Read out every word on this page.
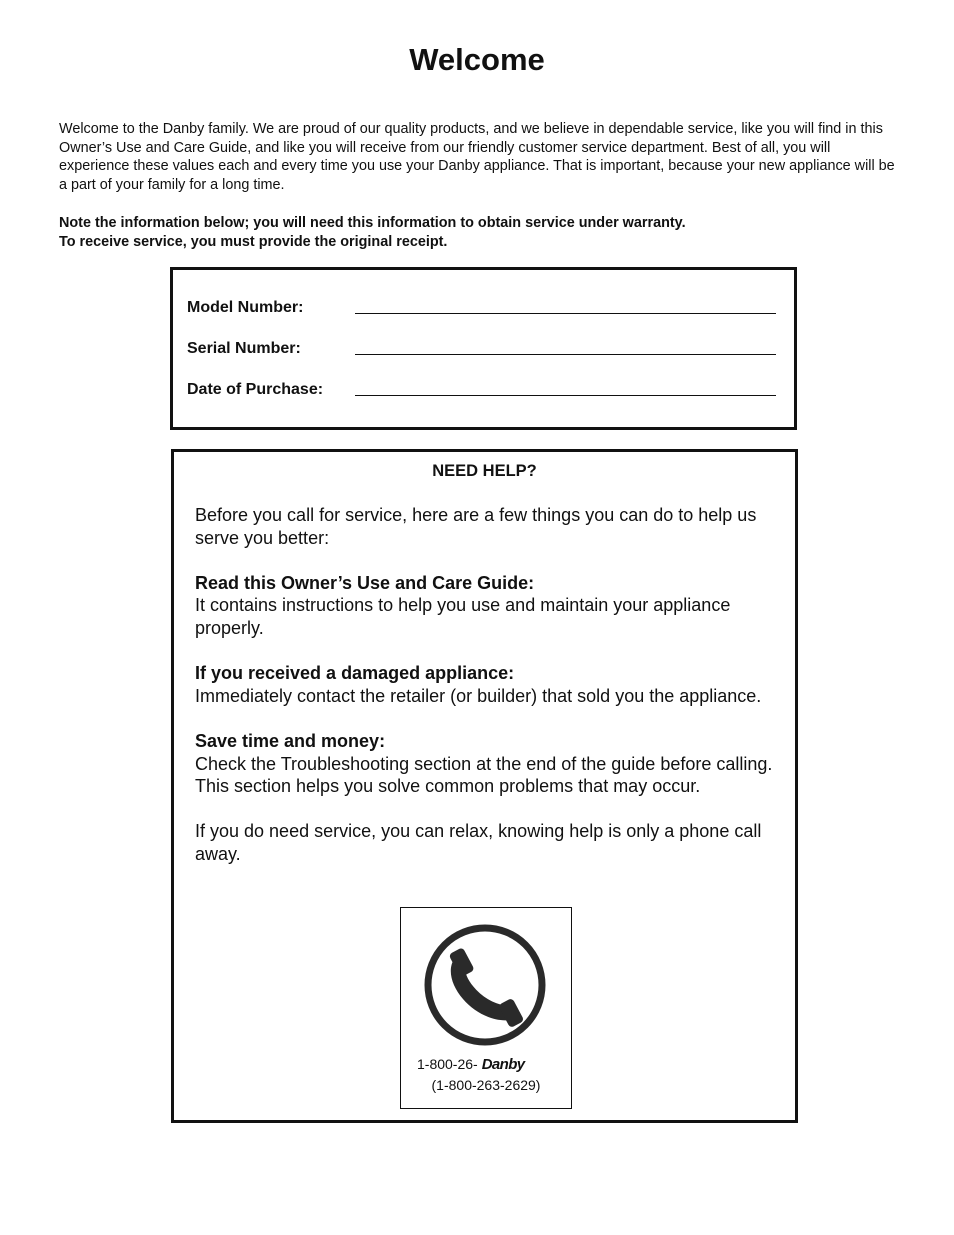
Welcome
Welcome to the Danby family. We are proud of our quality products, and we believe in dependable service, like you will find in this Owner’s Use and Care Guide, and like you will receive from our friendly customer service department. Best of all, you will experience these values each and every time you use your Danby appliance. That is important, because your new appliance will be a part of your family for a long time.
Note the information below; you will need this information to obtain service under warranty.
To receive service, you must provide the original receipt.
Model Number:
Serial Number:
Date of Purchase:
NEED HELP?

Before you call for service, here are a few things you can do to help us serve you better:

Read this Owner’s Use and Care Guide:
It contains instructions to help you use and maintain your appliance properly.

If you received a damaged appliance:
Immediately contact the retailer (or builder) that sold you the appliance.

Save time and money:
Check the Troubleshooting section at the end of the guide before calling. This section helps you solve common problems that may occur.

If you do need service, you can relax, knowing help is only a phone call away.

1-800-26- Danby
(1-800-263-2629)
